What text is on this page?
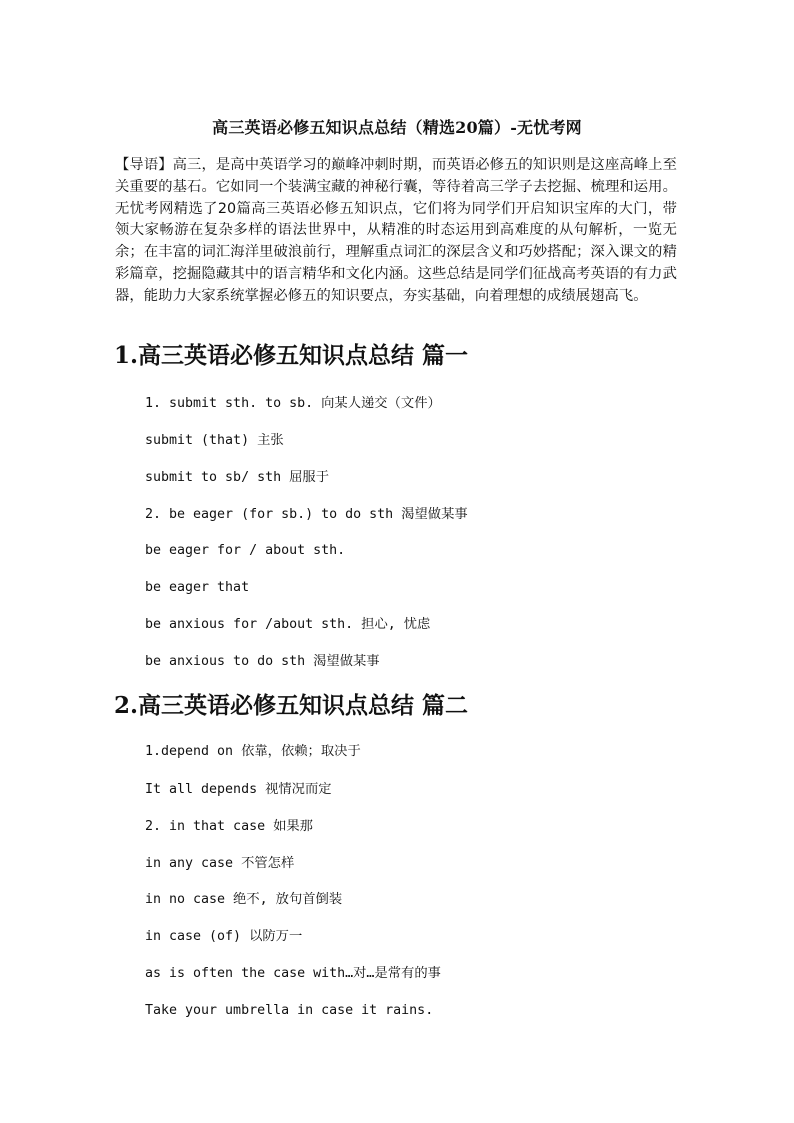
高三英语必修五知识点总结（精选20篇）-无忧考网
【导语】高三，是高中英语学习的巅峰冲刺时期，而英语必修五的知识则是这座高峰上至关重要的基石。它如同一个装满宝藏的神秘行囊，等待着高三学子去挖掘、梳理和运用。无忧考网精选了20篇高三英语必修五知识点，它们将为同学们开启知识宝库的大门，带领大家畅游在复杂多样的语法世界中，从精准的时态运用到高难度的从句解析，一览无余；在丰富的词汇海洋里破浪前行，理解重点词汇的深层含义和巧妙搭配；深入课文的精彩篇章，挖掘隐藏其中的语言精华和文化内涵。这些总结是同学们征战高考英语的有力武器，能助力大家系统掌握必修五的知识要点，夯实基础，向着理想的成绩展翅高飞。
1.高三英语必修五知识点总结 篇一
1. submit sth. to sb. 向某人递交（文件）
submit (that) 主张
submit to sb/ sth 屈服于
2. be eager (for sb.) to do sth 渴望做某事
be eager for / about sth.
be eager that
be anxious for /about sth. 担心, 忧虑
be anxious to do sth 渴望做某事
2.高三英语必修五知识点总结 篇二
1.depend on 依靠，依赖；取决于
It all depends 视情况而定
2. in that case 如果那
in any case 不管怎样
in no case 绝不, 放句首倒装
in case (of) 以防万一
as is often the case with…对…是常有的事
Take your umbrella in case it rains.
